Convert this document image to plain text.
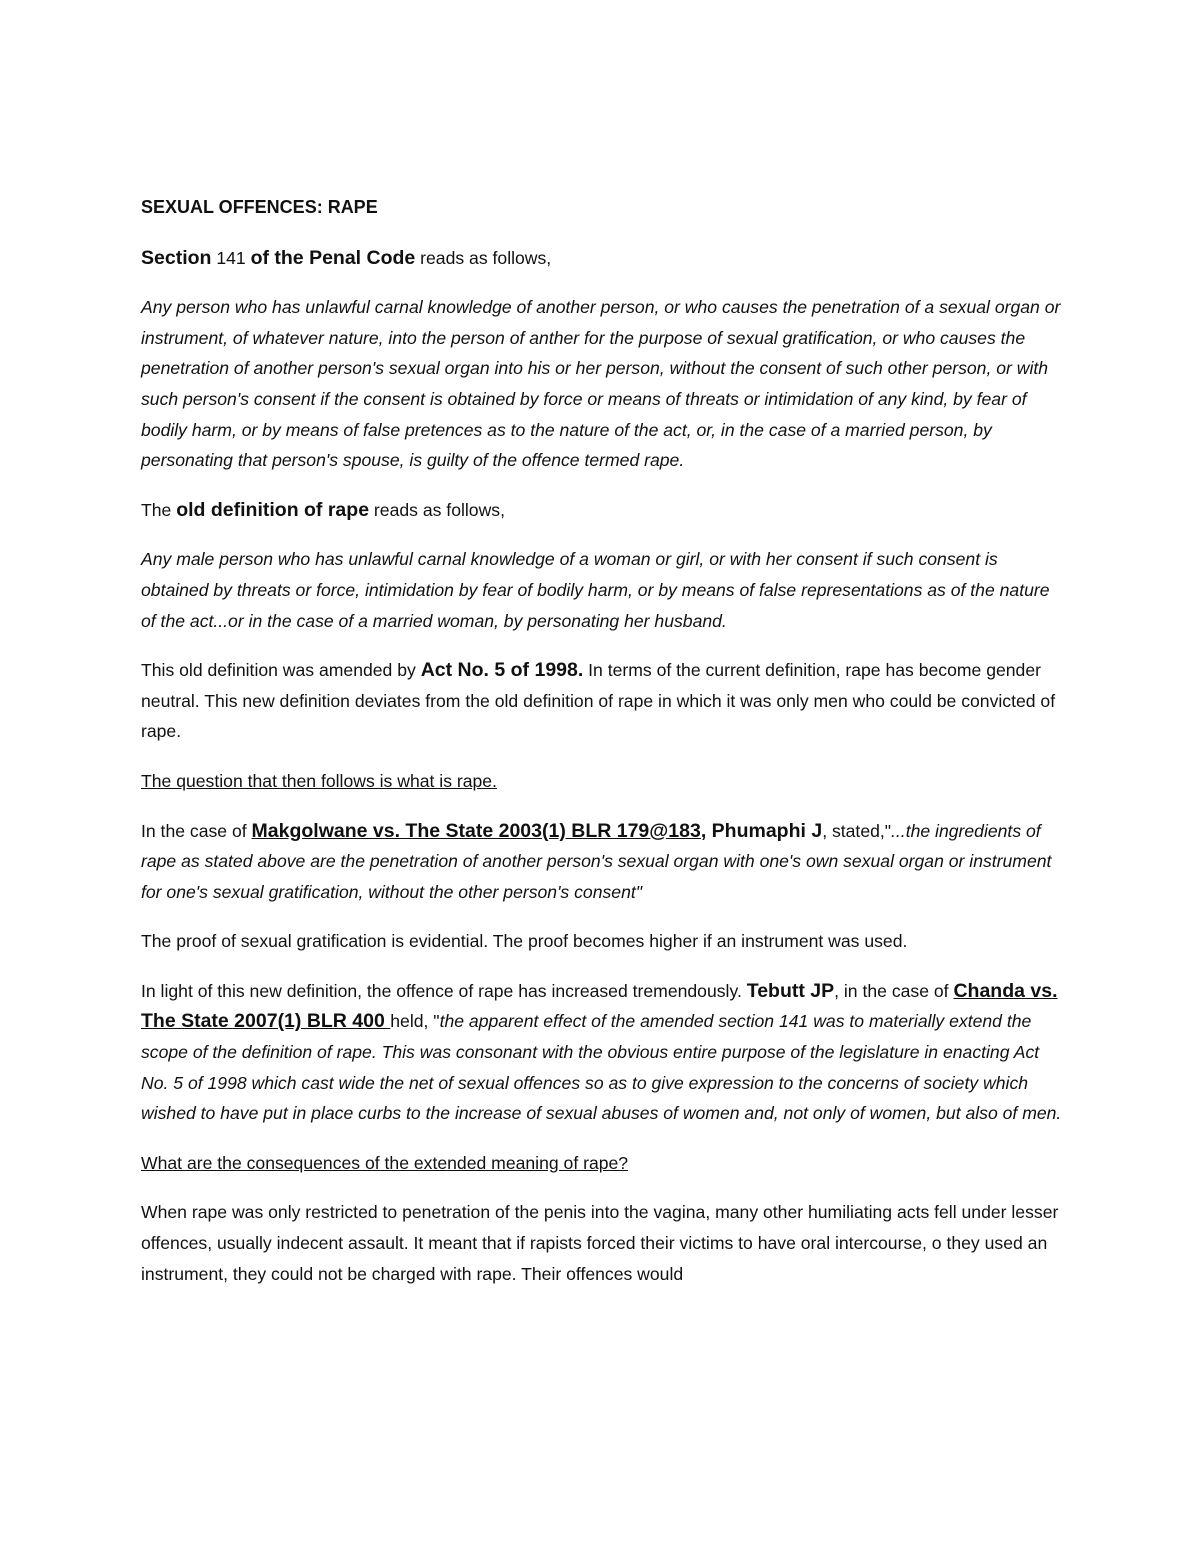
SEXUAL OFFENCES: RAPE

Section 141 of the Penal Code reads as follows,

Any person who has unlawful carnal knowledge of another person, or who causes the penetration of a sexual organ or instrument, of whatever nature, into the person of anther for the purpose of sexual gratification, or who causes the penetration of another person's sexual organ into his or her person, without the consent of such other person, or with such person's consent if the consent is obtained by force or means of threats or intimidation of any kind, by fear of bodily harm, or by means of false pretences as to the nature of the act, or, in the case of a married person, by personating that person's spouse, is guilty of the offence termed rape.

The old definition of rape reads as follows,

Any male person who has unlawful carnal knowledge of a woman or girl, or with her consent if such consent is obtained by threats or force, intimidation by fear of bodily harm, or by means of false representations as of the nature of the act...or in the case of a married woman, by personating her husband.

This old definition was amended by Act No. 5 of 1998. In terms of the current definition, rape has become gender neutral. This new definition deviates from the old definition of rape in which it was only men who could be convicted of rape.

The question that then follows is what is rape.

In the case of Makgolwane vs. The State 2003(1) BLR 179@183, Phumaphi J, stated,"...the ingredients of rape as stated above are the penetration of another person's sexual organ with one's own sexual organ or instrument for one's sexual gratification, without the other person's consent"

The proof of sexual gratification is evidential. The proof becomes higher if an instrument was used.

In light of this new definition, the offence of rape has increased tremendously. Tebutt JP, in the case of Chanda vs. The State 2007(1) BLR 400 held, "the apparent effect of the amended section 141 was to materially extend the scope of the definition of rape. This was consonant with the obvious entire purpose of the legislature in enacting Act No. 5 of 1998 which cast wide the net of sexual offences so as to give expression to the concerns of society which wished to have put in place curbs to the increase of sexual abuses of women and, not only of women, but also of men.

What are the consequences of the extended meaning of rape?

When rape was only restricted to penetration of the penis into the vagina, many other humiliating acts fell under lesser offences, usually indecent assault. It meant that if rapists forced their victims to have oral intercourse, o they used an instrument, they could not be charged with rape. Their offences would
